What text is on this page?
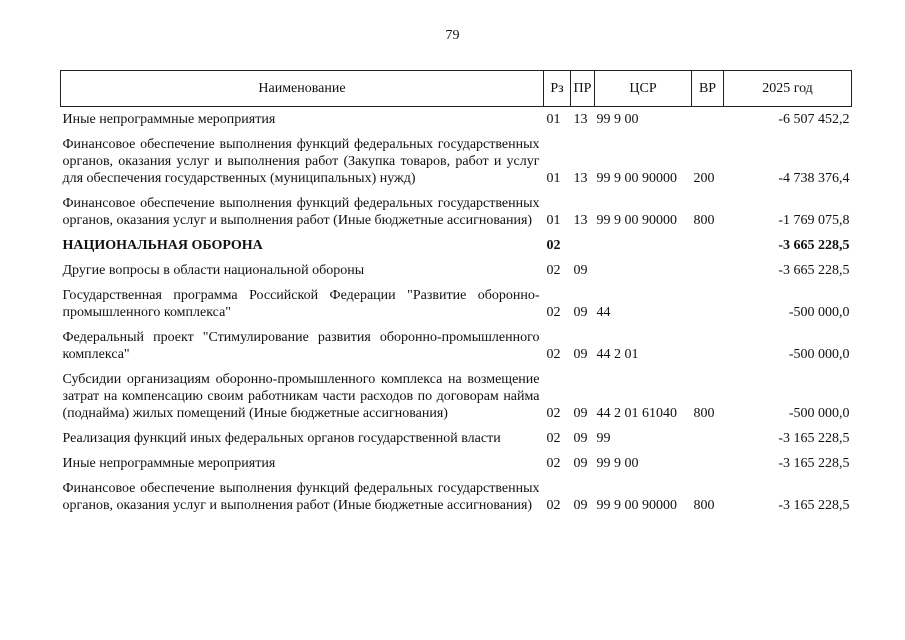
79
Наименование	Рз	ПР	ЦСР	ВР	2025 год
Иные непрограммные мероприятия	01	13	99 9 00		-6 507 452,2
Финансовое обеспечение выполнения функций федеральных государственных органов, оказания услуг и выполнения работ (Закупка товаров, работ и услуг для обеспечения государственных (муниципальных) нужд)	01	13	99 9 00 90000	200	-4 738 376,4
Финансовое обеспечение выполнения функций федеральных государственных органов, оказания услуг и выполнения работ (Иные бюджетные ассигнования)	01	13	99 9 00 90000	800	-1 769 075,8
НАЦИОНАЛЬНАЯ ОБОРОНА	02				-3 665 228,5
Другие вопросы в области национальной обороны	02	09			-3 665 228,5
Государственная программа Российской Федерации "Развитие оборонно-промышленного комплекса"	02	09	44		-500 000,0
Федеральный проект "Стимулирование развития оборонно-промышленного комплекса"	02	09	44 2 01		-500 000,0
Субсидии организациям оборонно-промышленного комплекса на возмещение затрат на компенсацию своим работникам части расходов по договорам найма (поднайма) жилых помещений (Иные бюджетные ассигнования)	02	09	44 2 01 61040	800	-500 000,0
Реализация функций иных федеральных органов государственной власти	02	09	99		-3 165 228,5
Иные непрограммные мероприятия	02	09	99 9 00		-3 165 228,5
Финансовое обеспечение выполнения функций федеральных государственных органов, оказания услуг и выполнения работ (Иные бюджетные ассигнования)	02	09	99 9 00 90000	800	-3 165 228,5
